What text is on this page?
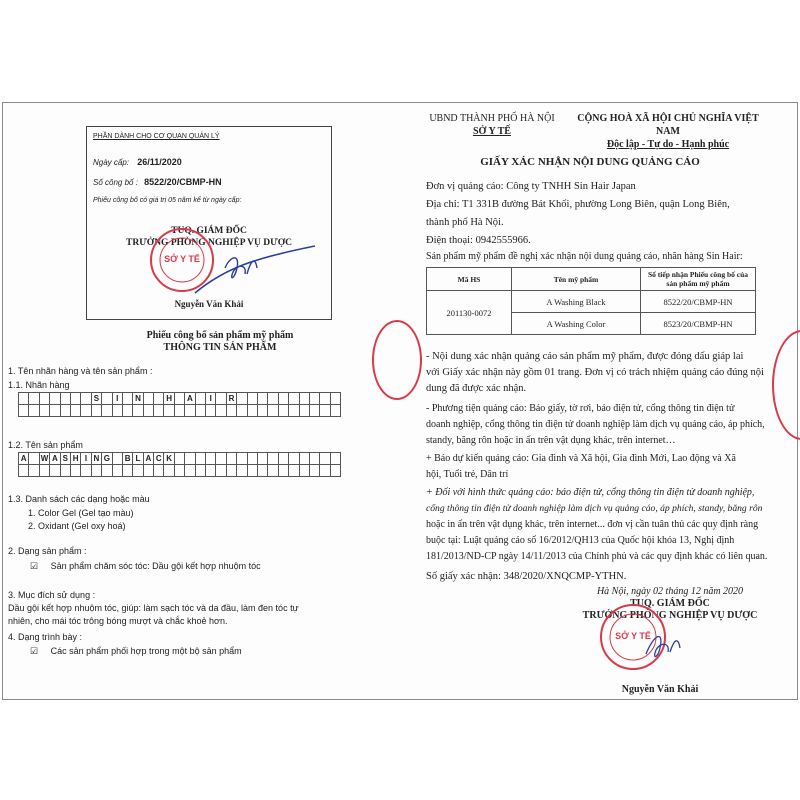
PHẦN DÀNH CHO CƠ QUAN QUẢN LÝ
Ngày cấp: 26/11/2020
Số công bố : 8522/20/CBMP-HN
Phiếu công bố có giá trị 05 năm kể từ ngày cấp:
TUQ. GIÁM ĐỐC
TRƯỞNG PHÒNG NGHIỆP VỤ DƯỢC
Nguyễn Văn Khải
SỞ Y TẾ
Phiếu công bố sản phẩm mỹ phẩm
THÔNG TIN SẢN PHẨM
1. Tên nhãn hàng và tên sản phẩm :
1.1. Nhãn hàng
S	I	N	H	A	I	R
1.2. Tên sản phẩm
A	W A S H I N G	B L A C K
1.3. Danh sách các dạng hoặc màu
1. Color Gel (Gel tạo màu)
2. Oxidant (Gel oxy hoá)
2. Dạng sản phẩm :
☑ Sản phẩm chăm sóc tóc: Dầu gội kết hợp nhuộm tóc
3. Mục đích sử dụng :
Dầu gội kết hợp nhuộm tóc, giúp: làm sạch tóc và da đầu, làm đen tóc tự
nhiên, cho mái tóc trông bóng mượt và chắc khoẻ hơn.
4. Dạng trình bày :
☑ Các sản phẩm phối hợp trong một bộ sản phẩm
UBND THÀNH PHỐ HÀ NỘI
SỞ Y TẾ
CỘNG HOÀ XÃ HỘI CHỦ NGHĨA VIỆT NAM
Độc lập - Tự do - Hạnh phúc
GIẤY XÁC NHẬN NỘI DUNG QUẢNG CÁO
Đơn vị quảng cáo: Công ty TNHH Sin Hair Japan
Địa chỉ: T1 331B đường Bát Khối, phường Long Biên, quận Long Biên,
thành phố Hà Nội.
Điện thoại: 0942555966.
Sản phẩm mỹ phẩm đề nghị xác nhận nội dung quảng cáo, nhãn hàng Sin Hair:
Mã HS	Tên mỹ phẩm	Số tiếp nhận Phiếu công bố của sản phẩm mỹ phẩm
201130-0072	A Washing Black	8522/20/CBMP-HN
	A Washing Color	8523/20/CBMP-HN
- Nội dung xác nhận quảng cáo sản phẩm mỹ phẩm, được đóng dấu giáp lai
với Giấy xác nhận này gồm 01 trang. Đơn vị có trách nhiệm quảng cáo đúng nội
dung đã được xác nhận.
- Phương tiện quảng cáo: Báo giấy, tờ rơi, báo điện tử, cổng thông tin điện tử
doanh nghiệp, cổng thông tin điện tử doanh nghiệp làm dịch vụ quảng cáo, áp phích,
standy, băng rôn hoặc in ấn trên vật dụng khác, trên internet…
+ Báo dự kiến quảng cáo: Gia đình và Xã hội, Gia đình Mới, Lao động và Xã
hội, Tuổi trẻ, Dân trí
+ Đối với hình thức quảng cáo: báo điện tử, cổng thông tin điện tử doanh nghiệp,
cổng thông tin điện tử doanh nghiệp làm dịch vụ quảng cáo, áp phích, standy, băng rôn
hoặc in ấn trên vật dụng khác, trên internet... đơn vị cần tuân thủ các quy định ràng
buộc tại: Luật quảng cáo số 16/2012/QH13 của Quốc hội khóa 13, Nghị định
181/2013/ND-CP ngày 14/11/2013 của Chính phủ và các quy định khác có liên quan.
Số giấy xác nhận: 348/2020/XNQCMP-YTHN.
Hà Nội, ngày 02 tháng 12 năm 2020
TUQ. GIÁM ĐỐC
TRƯỞNG PHÒNG NGHIỆP VỤ DƯỢC
SỞ Y TẾ
Nguyễn Văn Khải
